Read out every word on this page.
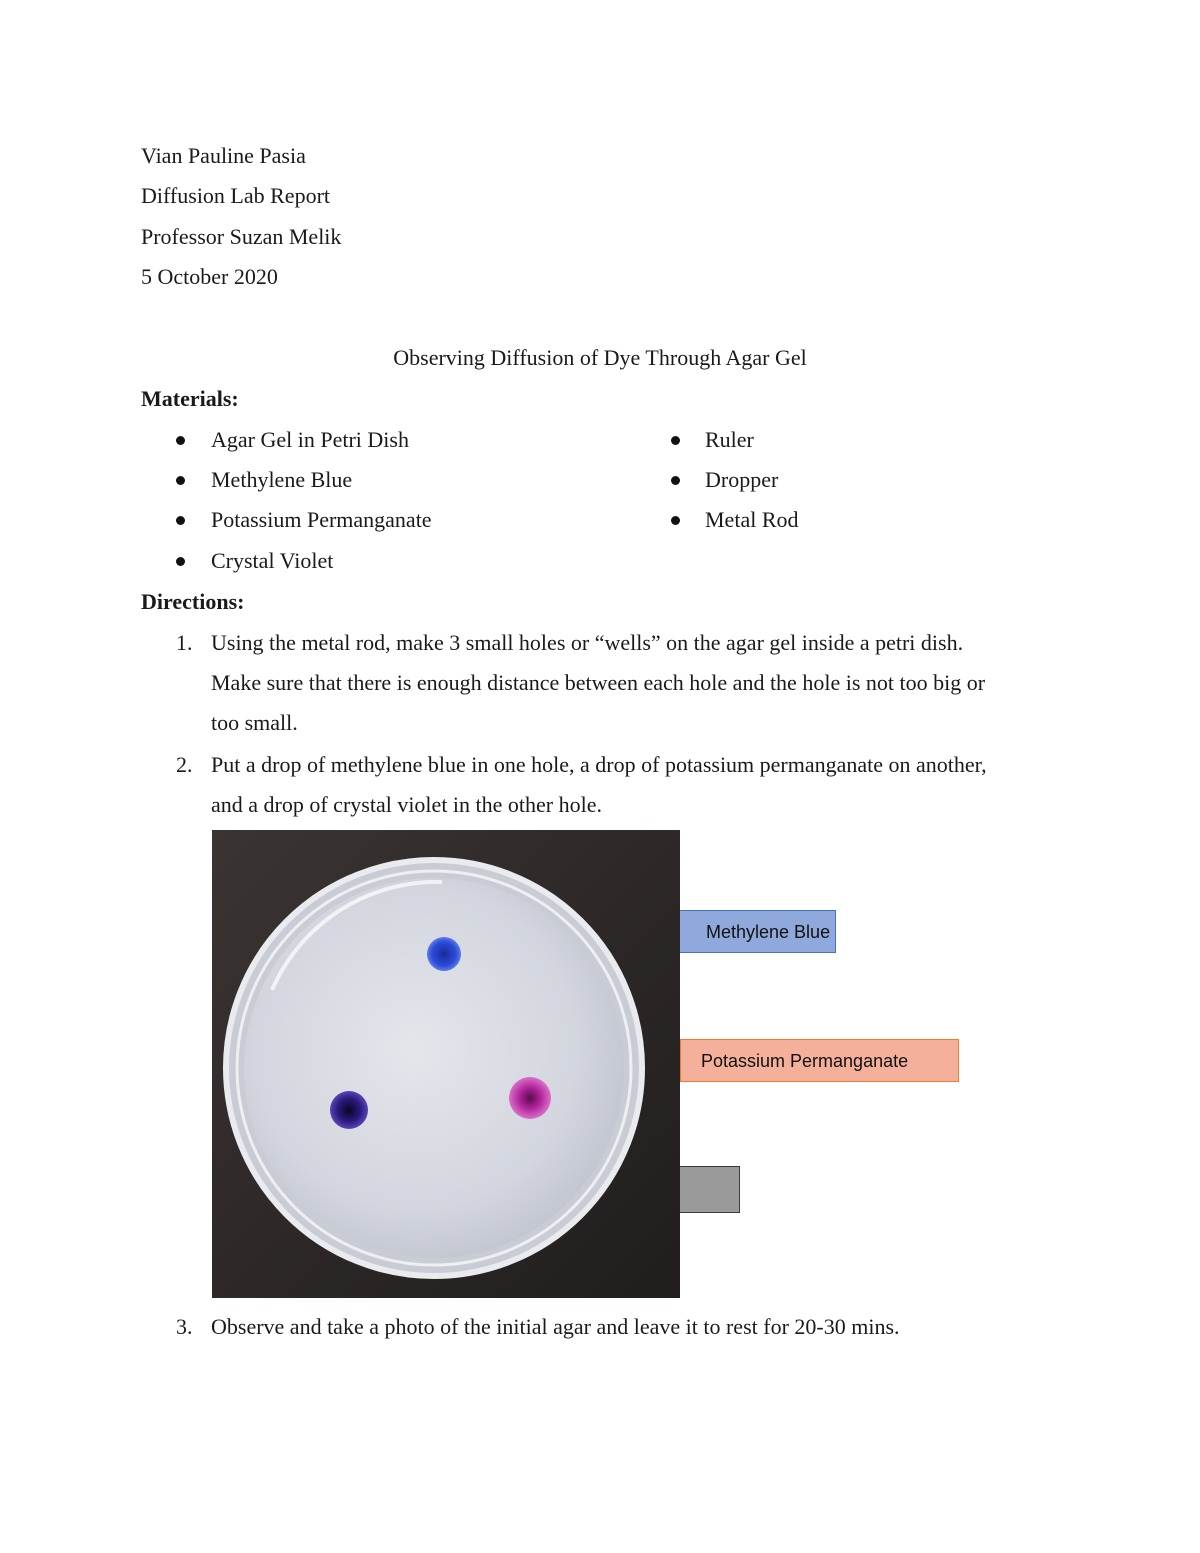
Vian Pauline Pasia
Diffusion Lab Report
Professor Suzan Melik
5 October 2020
Observing Diffusion of Dye Through Agar Gel
Materials:
Agar Gel in Petri Dish
Methylene Blue
Potassium Permanganate
Crystal Violet
Ruler
Dropper
Metal Rod
Directions:
1. Using the metal rod, make 3 small holes or “wells” on the agar gel inside a petri dish.
Make sure that there is enough distance between each hole and the hole is not too big or
too small.
2. Put a drop of methylene blue in one hole, a drop of potassium permanganate on another,
and a drop of crystal violet in the other hole.
Methylene Blue
Potassium Permanganate
3. Observe and take a photo of the initial agar and leave it to rest for 20-30 mins.
